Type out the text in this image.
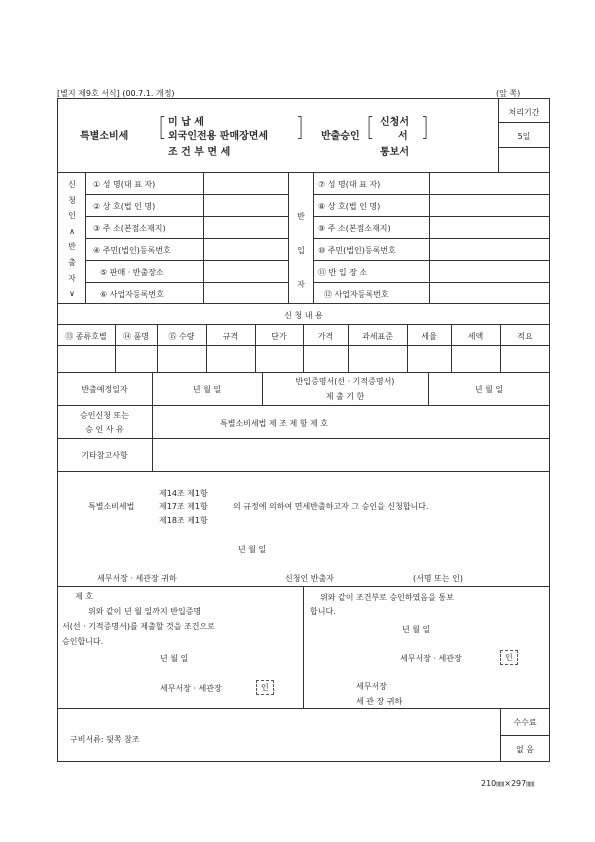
[별지 제9호 서식] (00.7.1. 개정)	(앞 쪽)
특별소비세
┌
│
└
미 납 세
외국인전용 판매장면세
조 건 부 면 세
┐
│
┘ 반출승인
┌
│
└
신청서
서
통보서
┐
│
┘
처리기간
5일
신
청
인
∧
반
출
자
∨
① 성 명(대 표 자)
② 상 호(법 인 명)
③ 주 소(본점소재지)
④ 주민(법인)등록번호
⑤ 판매 · 반출장소
⑥ 사업자등록번호
반
입
자
⑦ 성 명(대 표 자)
⑧ 상 호(법 인 명)
⑨ 주 소(본점소재지)
⑩ 주민(법인)등록번호
⑪ 반 입 장 소
⑫ 사업자등록번호
신 청 내 용
⑬ 종류호별	⑭ 품명	⑮ 수량	규격	단가	가격	과세표준	세율	세액	적요
반출예정일자	년 월 일
반입증명서(선 · 기적증명서)
제 출 기 한
년 월 일
승인신청 또는
승 인 사 유
특별소비세법 제 조 제 항 제 호
기타참고사항
제14조 제1항
특별소비세법	제17조 제1항	의 규정에 의하여 면세반출하고자 그 승인을 신청합니다.
제18조 제1항
년 월 일
세무서장 · 세관장 귀하	신청인 반출자	(서명 또는 인)
제 호
위와 같이 년 월 일까지 반입증명
서(선 · 기적증명서)를 제출할 것을 조건으로
승인합니다.
년 월 일
세무서장 · 세관장	인
위와 같이 조건부로 승인하였음을 통보
합니다.
년 월 일
세무서장 · 세관장	인
세무서장
세 관 장 귀하
구비서류: 뒷쪽 참조
수수료
없 음
210㎜×297㎜
